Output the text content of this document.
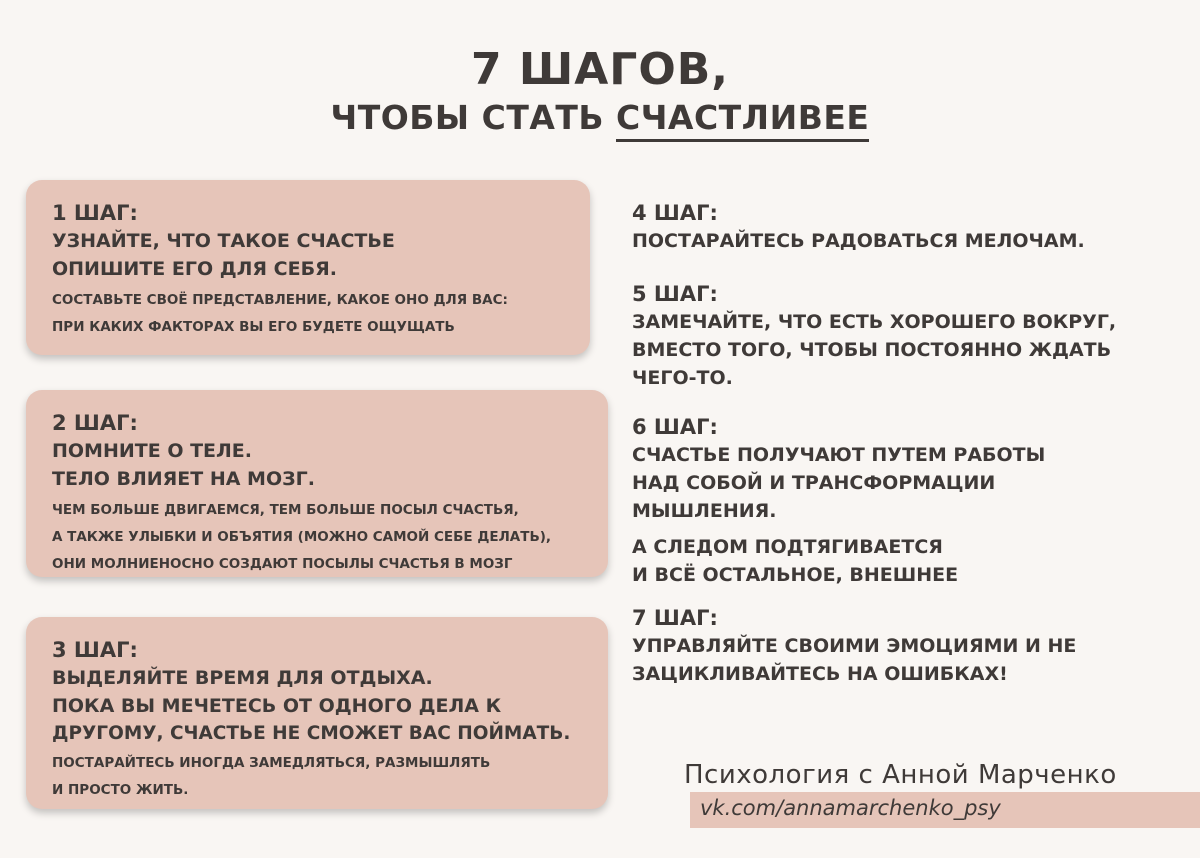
7 ШАГОВ,
ЧТОБЫ СТАТЬ СЧАСТЛИВЕЕ
1 ШАГ:
УЗНАЙТЕ, ЧТО ТАКОЕ СЧАСТЬЕ
ОПИШИТЕ ЕГО ДЛЯ СЕБЯ.
СОСТАВЬТЕ СВОЁ ПРЕДСТАВЛЕНИЕ, КАКОЕ ОНО ДЛЯ ВАС:
ПРИ КАКИХ ФАКТОРАХ ВЫ ЕГО БУДЕТЕ ОЩУЩАТЬ
2 ШАГ:
ПОМНИТЕ О ТЕЛЕ.
ТЕЛО ВЛИЯЕТ НА МОЗГ.
ЧЕМ БОЛЬШЕ ДВИГАЕМСЯ, ТЕМ БОЛЬШЕ ПОСЫЛ СЧАСТЬЯ,
А ТАКЖЕ УЛЫБКИ И ОБЪЯТИЯ (МОЖНО САМОЙ СЕБЕ ДЕЛАТЬ),
ОНИ МОЛНИЕНОСНО СОЗДАЮТ ПОСЫЛЫ СЧАСТЬЯ В МОЗГ
3 ШАГ:
ВЫДЕЛЯЙТЕ ВРЕМЯ ДЛЯ ОТДЫХА.
ПОКА ВЫ МЕЧЕТЕСЬ ОТ ОДНОГО ДЕЛА К
ДРУГОМУ, СЧАСТЬЕ НЕ СМОЖЕТ ВАС ПОЙМАТЬ.
ПОСТАРАЙТЕСЬ ИНОГДА ЗАМЕДЛЯТЬСЯ, РАЗМЫШЛЯТЬ
И ПРОСТО ЖИТЬ.
4 ШАГ:
ПОСТАРАЙТЕСЬ РАДОВАТЬСЯ МЕЛОЧАМ.
5 ШАГ:
ЗАМЕЧАЙТЕ, ЧТО ЕСТЬ ХОРОШЕГО ВОКРУГ,
ВМЕСТО ТОГО, ЧТОБЫ ПОСТОЯННО ЖДАТЬ
ЧЕГО-ТО.
6 ШАГ:
СЧАСТЬЕ ПОЛУЧАЮТ ПУТЕМ РАБОТЫ
НАД СОБОЙ И ТРАНСФОРМАЦИИ
МЫШЛЕНИЯ.
А СЛЕДОМ ПОДТЯГИВАЕТСЯ
И ВСЁ ОСТАЛЬНОЕ, ВНЕШНЕЕ
7 ШАГ:
УПРАВЛЯЙТЕ СВОИМИ ЭМОЦИЯМИ И НЕ
ЗАЦИКЛИВАЙТЕСЬ НА ОШИБКАХ!
Психология с Анной Марченко
vk.com/annamarchenko_psy
